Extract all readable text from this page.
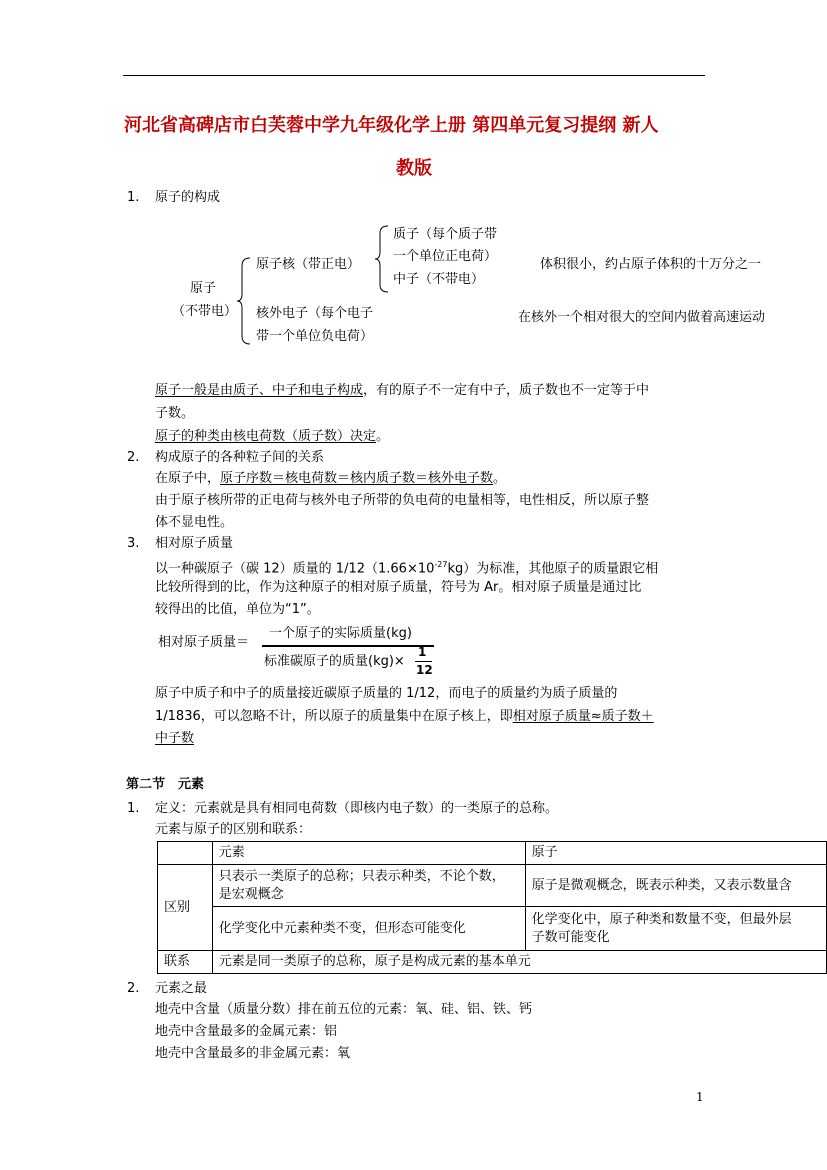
河北省高碑店市白芙蓉中学九年级化学上册 第四单元复习提纲 新人
教版
1. 原子的构成
原子
（不带电）
原子核（带正电）
质子（每个质子带
一个单位正电荷）
中子（不带电）
核外电子（每个电子
带一个单位负电荷）
体积很小，约占原子体积的十万分之一
在核外一个相对很大的空间内做着高速运动
原子一般是由质子、中子和电子构成，有的原子不一定有中子，质子数也不一定等于中
子数。
原子的种类由核电荷数（质子数）决定。
2. 构成原子的各种粒子间的关系
在原子中，原子序数＝核电荷数＝核内质子数＝核外电子数。
由于原子核所带的正电荷与核外电子所带的负电荷的电量相等，电性相反，所以原子整
体不显电性。
3. 相对原子质量
以一种碳原子（碳 12）质量的 $1/12(1.66\times 10^{-27}kg)$为标准，其他原子的质量跟它相
比较所得到的比，作为这种原子的相对原子质量，符号为 Ar。相对原子质量是通过比
较得出的比值，单位为“1”。
相对原子质量＝
一个原子的实际质量(kg)
标准碳原子的质量(kg)×
1
12
原子中质子和中子的质量接近碳原子质量的 1/12，而电子的质量约为质子质量的
1/1836，可以忽略不计，所以原子的质量集中在原子核上，即相对原子质量≈质子数＋
中子数
第二节　元素
1. 定义：元素就是具有相同电荷数（即核内电子数）的一类原子的总称。
元素与原子的区别和联系：
	元素	原子
区别	只表示一类原子的总称；只表示种类，不论个数，
是宏观概念	原子是微观概念，既表示种类，又表示数量含
	化学变化中元素种类不变，但形态可能变化	化学变化中，原子种类和数量不变，但最外层
子数可能变化

联系	元素是同一类原子的总称，原子是构成元素的基本单元	
2. 元素之最
地壳中含量（质量分数）排在前五位的元素：氧、硅、铝、铁、钙
地壳中含量最多的金属元素：铝
地壳中含量最多的非金属元素：氧
1
